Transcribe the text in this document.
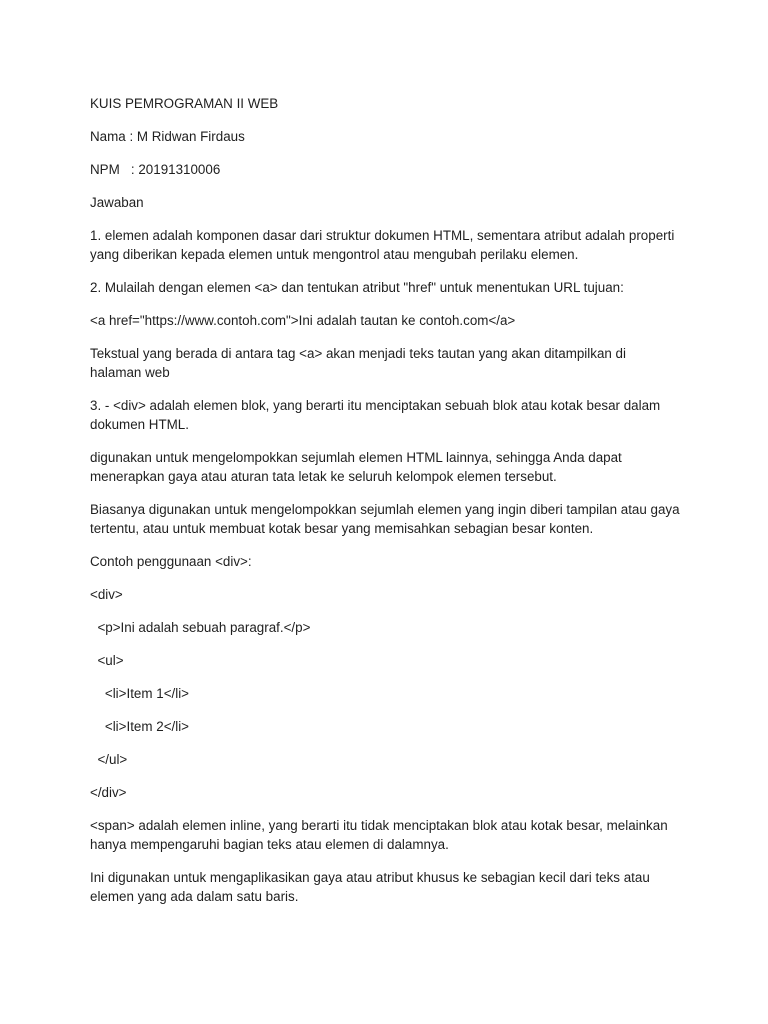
KUIS PEMROGRAMAN II WEB

Nama : M Ridwan Firdaus

NPM   : 20191310006

Jawaban

1. elemen adalah komponen dasar dari struktur dokumen HTML, sementara atribut adalah properti yang diberikan kepada elemen untuk mengontrol atau mengubah perilaku elemen.

2. Mulailah dengan elemen <a> dan tentukan atribut "href" untuk menentukan URL tujuan:

<a href="https://www.contoh.com">Ini adalah tautan ke contoh.com</a>

Tekstual yang berada di antara tag <a> akan menjadi teks tautan yang akan ditampilkan di halaman web

3. - <div> adalah elemen blok, yang berarti itu menciptakan sebuah blok atau kotak besar dalam dokumen HTML.

digunakan untuk mengelompokkan sejumlah elemen HTML lainnya, sehingga Anda dapat menerapkan gaya atau aturan tata letak ke seluruh kelompok elemen tersebut.

Biasanya digunakan untuk mengelompokkan sejumlah elemen yang ingin diberi tampilan atau gaya tertentu, atau untuk membuat kotak besar yang memisahkan sebagian besar konten.

Contoh penggunaan <div>:

<div>

<p>Ini adalah sebuah paragraf.</p>

<ul>

<li>Item 1</li>

<li>Item 2</li>

</ul>

</div>

<span> adalah elemen inline, yang berarti itu tidak menciptakan blok atau kotak besar, melainkan hanya mempengaruhi bagian teks atau elemen di dalamnya.

Ini digunakan untuk mengaplikasikan gaya atau atribut khusus ke sebagian kecil dari teks atau elemen yang ada dalam satu baris.
